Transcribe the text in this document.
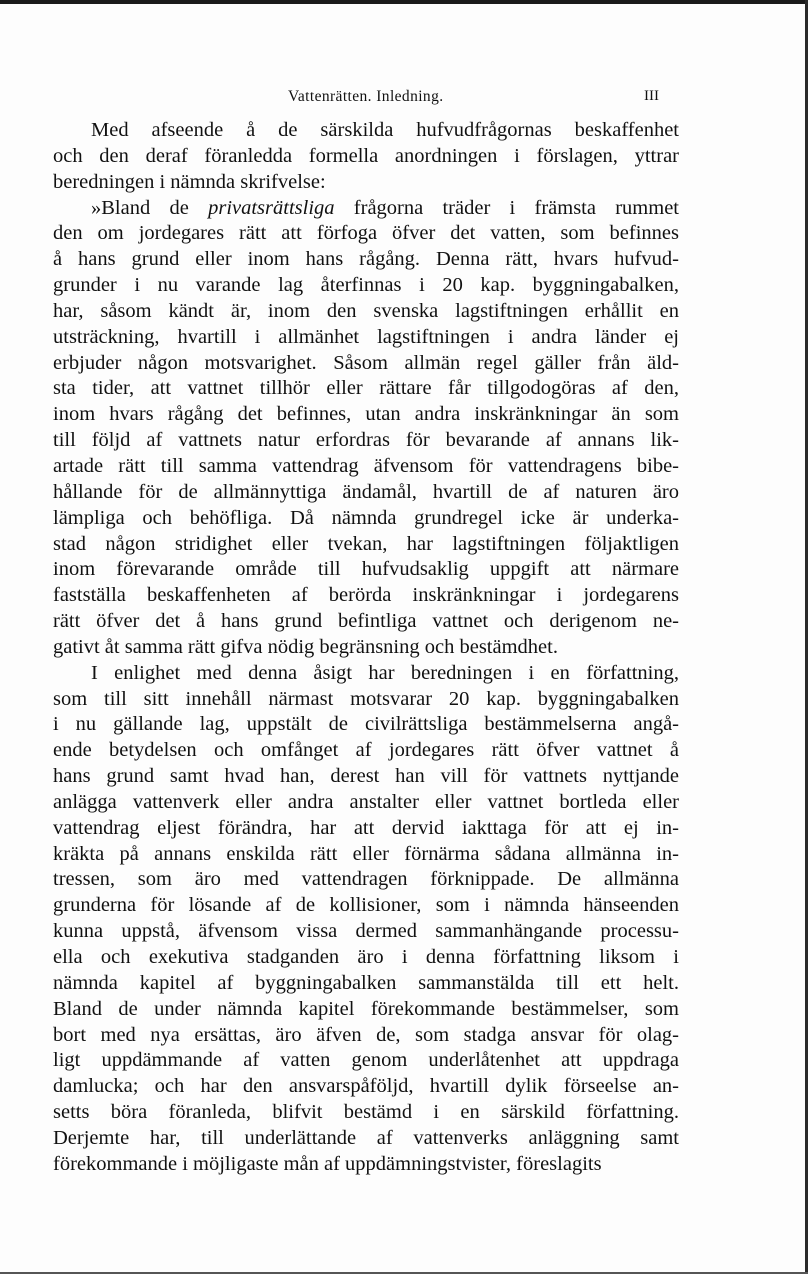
Vattenrätten. Inledning.	III
Med afseende å de särskilda hufvudfrågornas beskaffenhet
och den deraf föranledda formella anordningen i förslagen, yttrar
beredningen i nämnda skrifvelse:
»Bland de privatsrättsliga frågorna träder i främsta rummet
den om jordegares rätt att förfoga öfver det vatten, som befinnes
å hans grund eller inom hans rågång. Denna rätt, hvars hufvud-
grunder i nu varande lag återfinnas i 20 kap. byggningabalken,
har, såsom kändt är, inom den svenska lagstiftningen erhållit en
utsträckning, hvartill i allmänhet lagstiftningen i andra länder ej
erbjuder någon motsvarighet. Såsom allmän regel gäller från äld-
sta tider, att vattnet tillhör eller rättare får tillgodogöras af den,
inom hvars rågång det befinnes, utan andra inskränkningar än som
till följd af vattnets natur erfordras för bevarande af annans lik-
artade rätt till samma vattendrag äfvensom för vattendragens bibe-
hållande för de allmännyttiga ändamål, hvartill de af naturen äro
lämpliga och behöfliga. Då nämnda grundregel icke är underka-
stad någon stridighet eller tvekan, har lagstiftningen följaktligen
inom förevarande område till hufvudsaklig uppgift att närmare
fastställa beskaffenheten af berörda inskränkningar i jordegarens
rätt öfver det å hans grund befintliga vattnet och derigenom ne-
gativt åt samma rätt gifva nödig begränsning och bestämdhet.
I enlighet med denna åsigt har beredningen i en författning,
som till sitt innehåll närmast motsvarar 20 kap. byggningabalken
i nu gällande lag, uppstält de civilrättsliga bestämmelserna angå-
ende betydelsen och omfånget af jordegares rätt öfver vattnet å
hans grund samt hvad han, derest han vill för vattnets nyttjande
anlägga vattenverk eller andra anstalter eller vattnet bortleda eller
vattendrag eljest förändra, har att dervid iakttaga för att ej in-
kräkta på annans enskilda rätt eller förnärma sådana allmänna in-
tressen, som äro med vattendragen förknippade. De allmänna
grunderna för lösande af de kollisioner, som i nämnda hänseenden
kunna uppstå, äfvensom vissa dermed sammanhängande processu-
ella och exekutiva stadganden äro i denna författning liksom i
nämnda kapitel af byggningabalken sammanstälda till ett helt.
Bland de under nämnda kapitel förekommande bestämmelser, som
bort med nya ersättas, äro äfven de, som stadga ansvar för olag-
ligt uppdämmande af vatten genom underlåtenhet att uppdraga
damlucka; och har den ansvarspåföljd, hvartill dylik förseelse an-
setts böra föranleda, blifvit bestämd i en särskild författning.
Derjemte har, till underlättande af vattenverks anläggning samt
förekommande i möjligaste mån af uppdämningstvister, föreslagits
